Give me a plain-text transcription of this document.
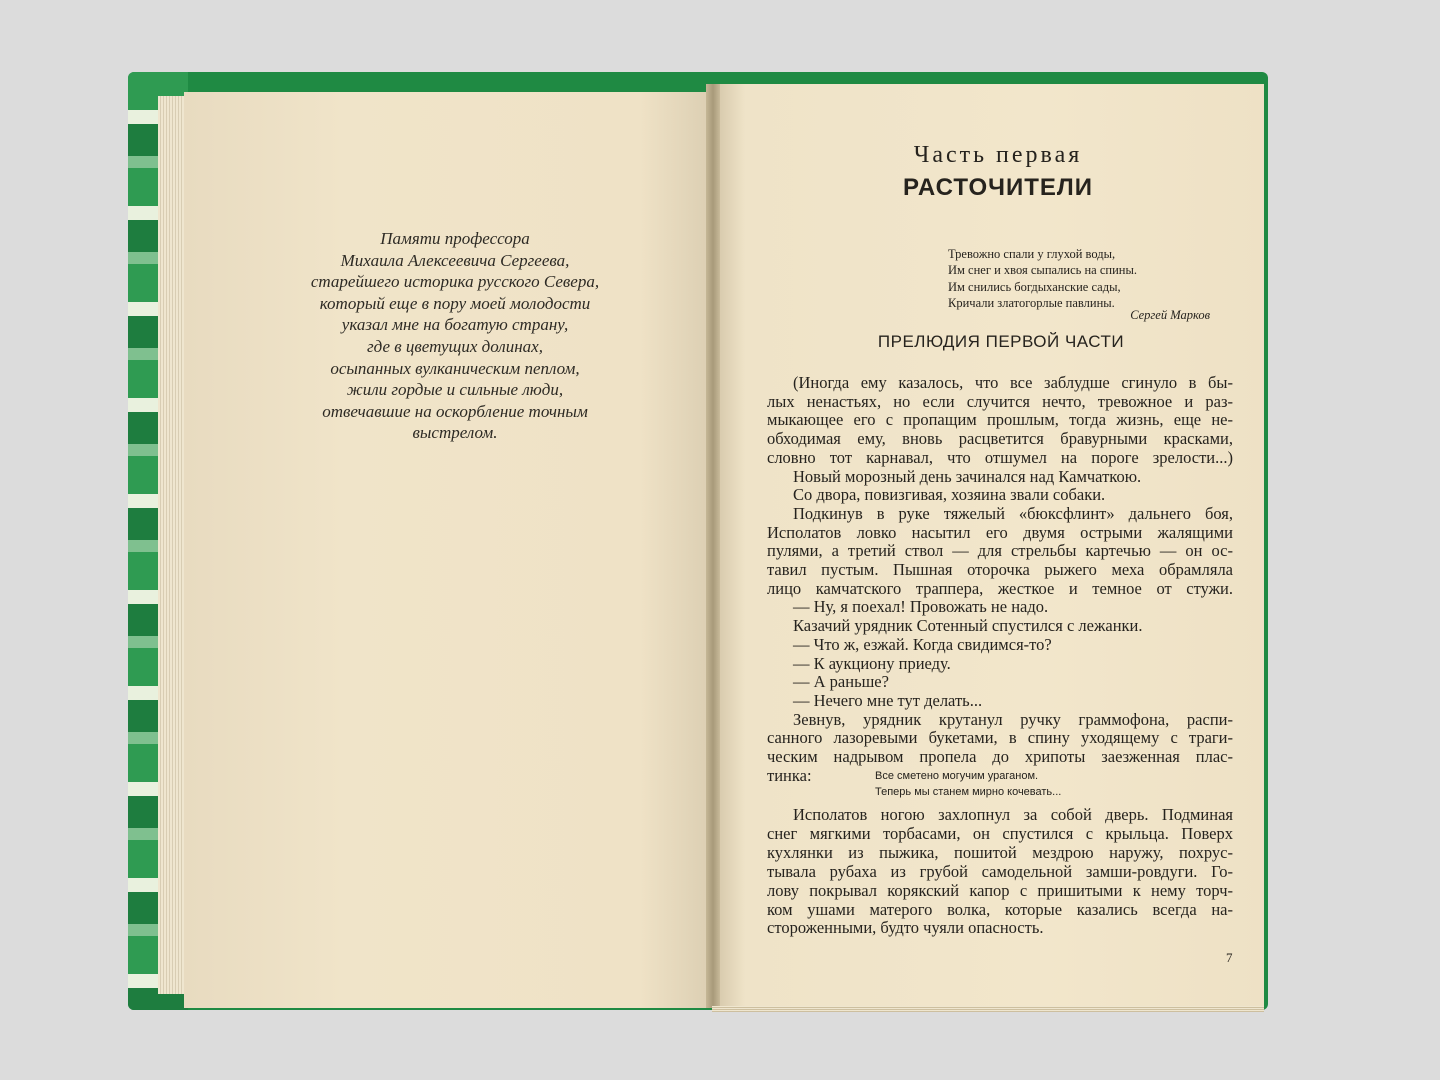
Памяти профессора
Михаила Алексеевича Сергеева,
старейшего историка русского Севера,
который еще в пору моей молодости
указал мне на богатую страну,
где в цветущих долинах,
осыпанных вулканическим пеплом,
жили гордые и сильные люди,
отвечавшие на оскорбление точным
выстрелом.
Часть первая
РАСТОЧИТЕЛИ
Тревожно спали у глухой воды,
Им снег и хвоя сыпались на спины.
Им снились богдыханские сады,
Кричали златогорлые павлины.
Сергей Марков
ПРЕЛЮДИЯ ПЕРВОЙ ЧАСТИ
(Иногда ему казалось, что все заблудше сгинуло в бы-
лых ненастьях, но если случится нечто, тревожное и раз-
мыкающее его с пропащим прошлым, тогда жизнь, еще не-
обходимая ему, вновь расцветится бравурными красками,
словно тот карнавал, что отшумел на пороге зрелости...)
Новый морозный день зачинался над Камчаткою.
Со двора, повизгивая, хозяина звали собаки.
Подкинув в руке тяжелый «бюксфлинт» дальнего боя,
Исполатов ловко насытил его двумя острыми жалящими
пулями, а третий ствол — для стрельбы картечью — он ос-
тавил пустым. Пышная оторочка рыжего меха обрамляла
лицо камчатского траппера, жесткое и темное от стужи.
— Ну, я поехал! Провожать не надо.
Казачий урядник Сотенный спустился с лежанки.
— Что ж, езжай. Когда свидимся-то?
— К аукциону приеду.
— А раньше?
— Нечего мне тут делать...
Зевнув, урядник крутанул ручку граммофона, распи-
санного лазоревыми букетами, в спину уходящему с траги-
ческим надрывом пропела до хрипоты заезженная плас-
тинка:	Все сметено могучим ураганом.
Теперь мы станем мирно кочевать...
Исполатов ногою захлопнул за собой дверь. Подминая
снег мягкими торбасами, он спустился с крыльца. Поверх
кухлянки из пыжика, пошитой мездрою наружу, похрус-
тывала рубаха из грубой самодельной замши-ровдуги. Го-
лову покрывал корякский капор с пришитыми к нему торч-
ком ушами матерого волка, которые казались всегда на-
стороженными, будто чуяли опасность.
7
